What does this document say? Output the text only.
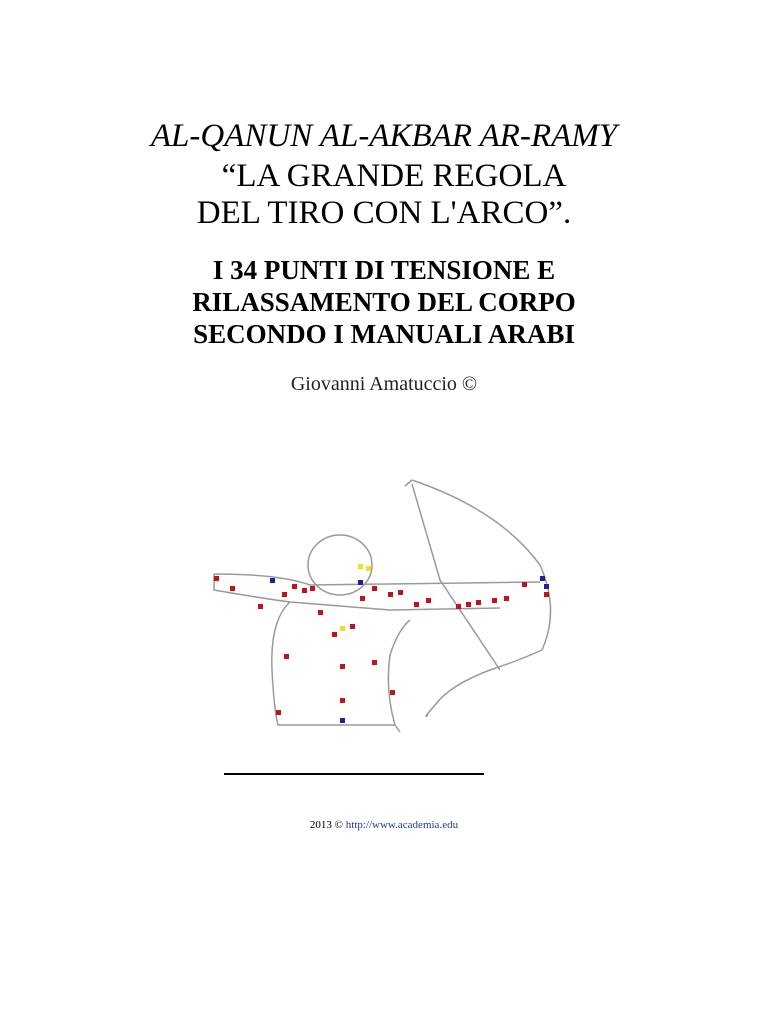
AL-QANUN AL-AKBAR AR-RAMY
“LA GRANDE REGOLA
DEL TIRO CON L'ARCO”.
I 34 PUNTI DI TENSIONE E
RILASSAMENTO DEL CORPO
SECONDO I MANUALI ARABI
Giovanni Amatuccio ©
2013 © http://www.academia.edu
